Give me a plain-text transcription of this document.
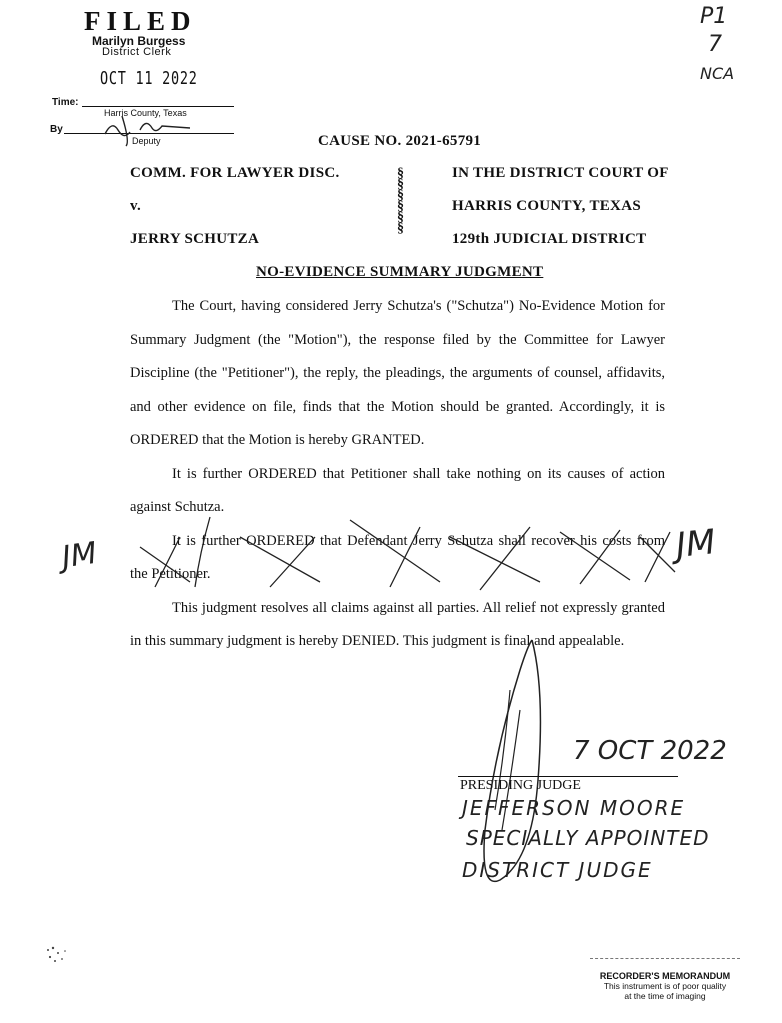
FILED
Marilyn Burgess
District Clerk
OCT 11 2022
Time:
Harris County, Texas
By
Deputy
P1
7
NCA
CAUSE NO. 2021-65791
COMM. FOR LAWYER DISC.
v.
JERRY SCHUTZA
§
§
§
§
§
§
IN THE DISTRICT COURT OF
HARRIS COUNTY, TEXAS
129th JUDICIAL DISTRICT
NO-EVIDENCE SUMMARY JUDGMENT

The Court, having considered Jerry Schutza's ("Schutza") No-Evidence Motion for Summary Judgment (the "Motion"), the response filed by the Committee for Lawyer Discipline (the "Petitioner"), the reply, the pleadings, the arguments of counsel, affidavits, and other evidence on file, finds that the Motion should be granted. Accordingly, it is ORDERED that the Motion is hereby GRANTED.

It is further ORDERED that Petitioner shall take nothing on its causes of action against Schutza.

It is further ORDERED that Defendant Jerry Schutza shall recover his costs from the Petitioner.

This judgment resolves all claims against all parties. All relief not expressly granted in this summary judgment is hereby DENIED. This judgment is final and appealable.

JM	JM
7 OCT 2022
PRESIDING JUDGE
JEFFERSON MOORE
SPECIALLY APPOINTED
DISTRICT JUDGE
RECORDER'S MEMORANDUM
This instrument is of poor quality
at the time of imaging
